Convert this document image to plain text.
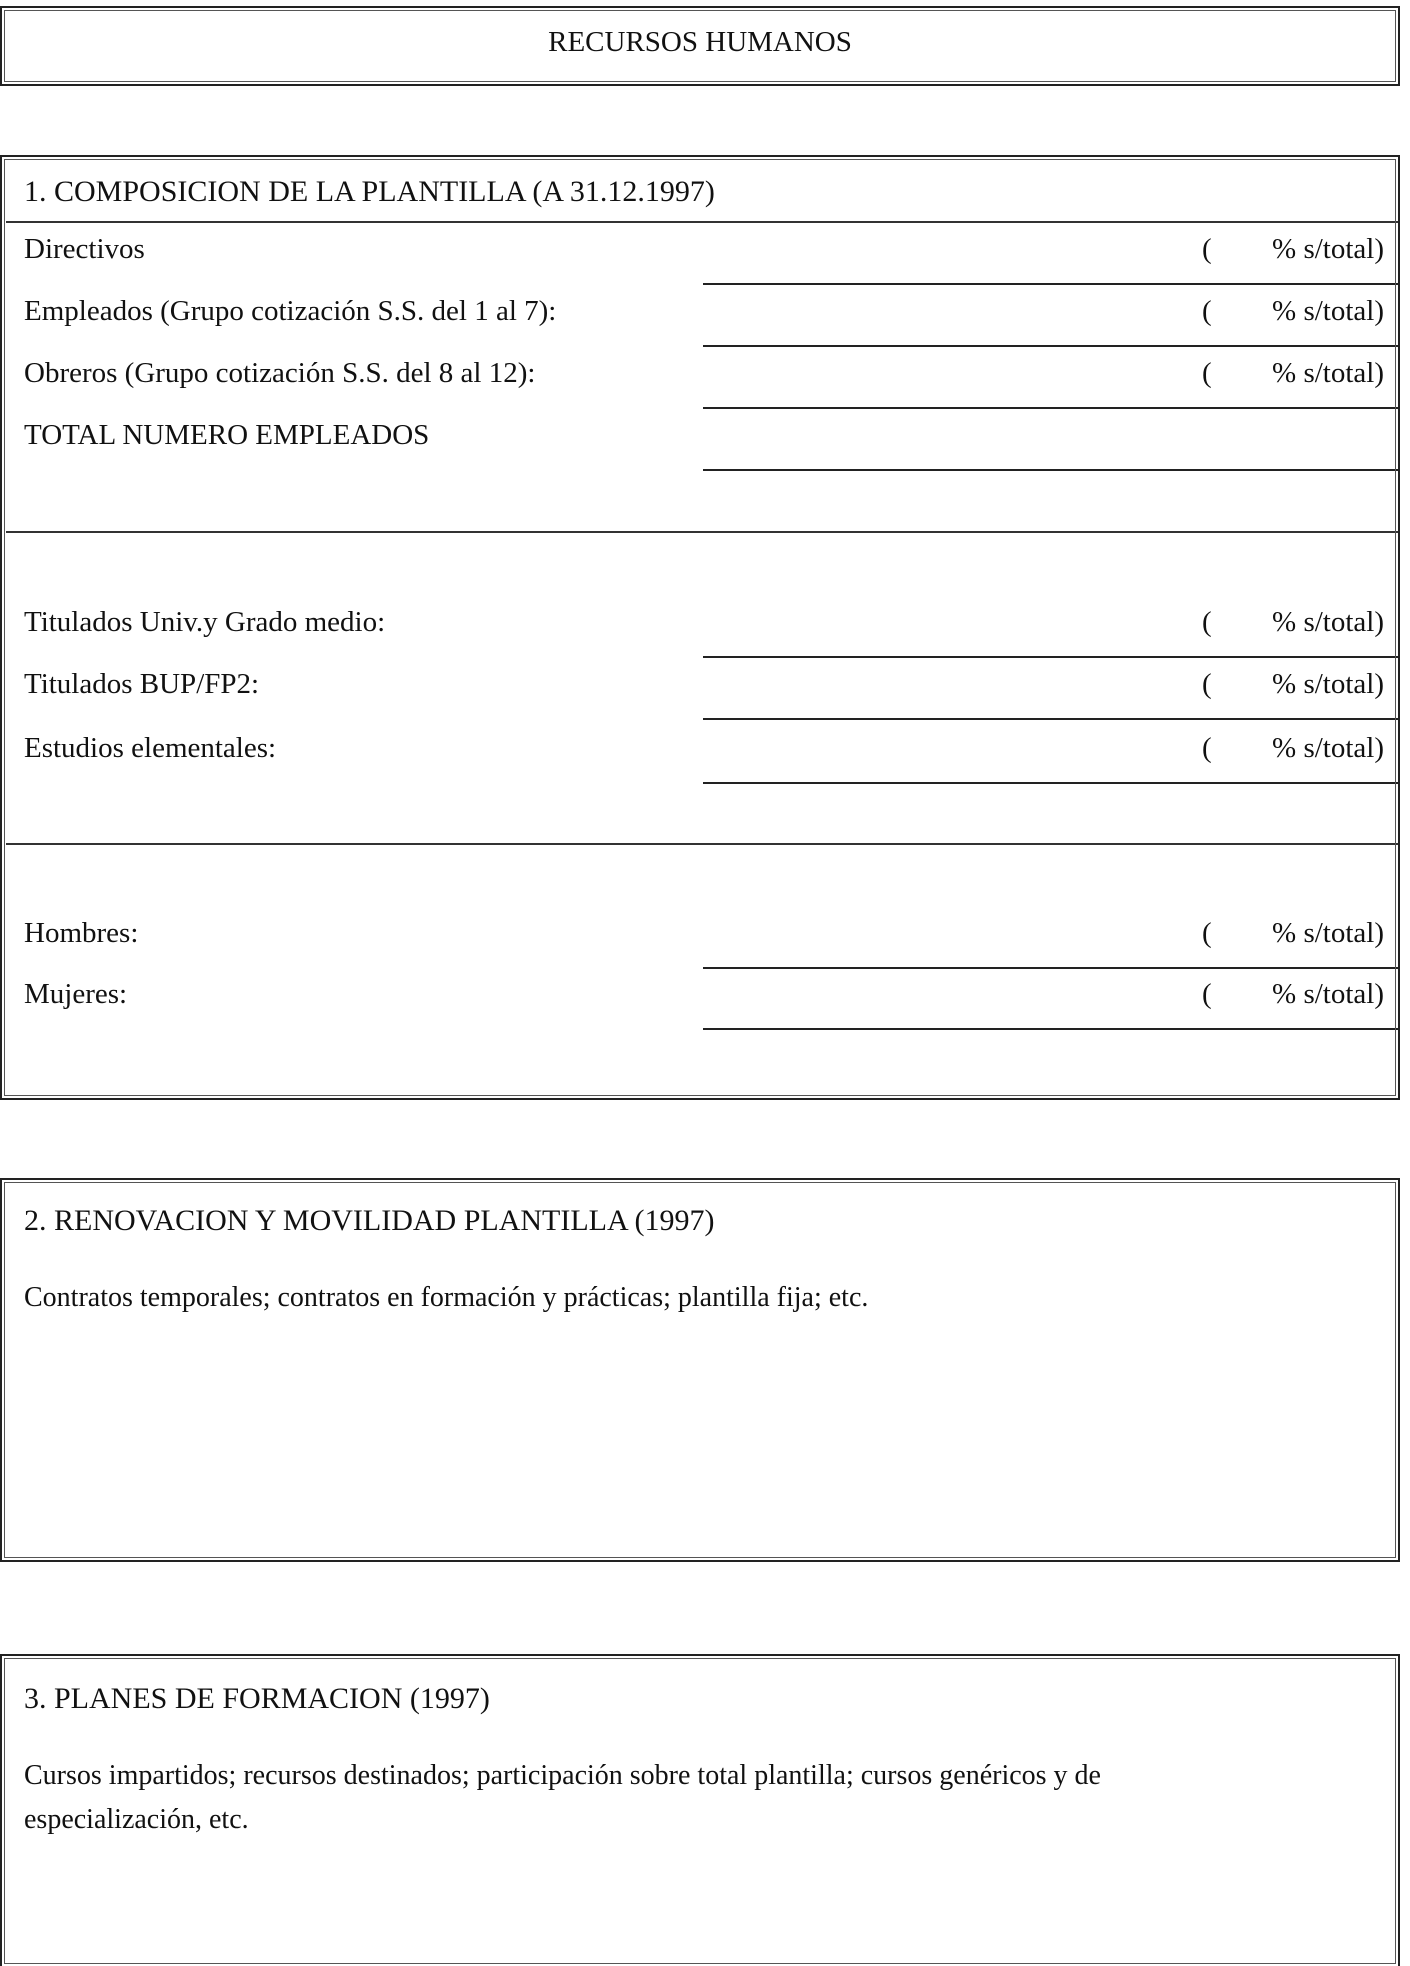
RECURSOS HUMANOS
1. COMPOSICION DE LA PLANTILLA (A 31.12.1997)
Directivos	( % s/total)
Empleados (Grupo cotización S.S. del 1 al 7):	( % s/total)
Obreros (Grupo cotización S.S. del 8 al 12):	( % s/total)
TOTAL NUMERO EMPLEADOS
Titulados Univ.y Grado medio:	( % s/total)
Titulados BUP/FP2:	( % s/total)
Estudios elementales:	( % s/total)
Hombres:	( % s/total)
Mujeres:	( % s/total)
2. RENOVACION Y MOVILIDAD PLANTILLA (1997)
Contratos temporales; contratos en formación y prácticas; plantilla fija; etc.
3. PLANES DE FORMACION (1997)
Cursos impartidos; recursos destinados; participación sobre total plantilla; cursos genéricos y de especialización, etc.
